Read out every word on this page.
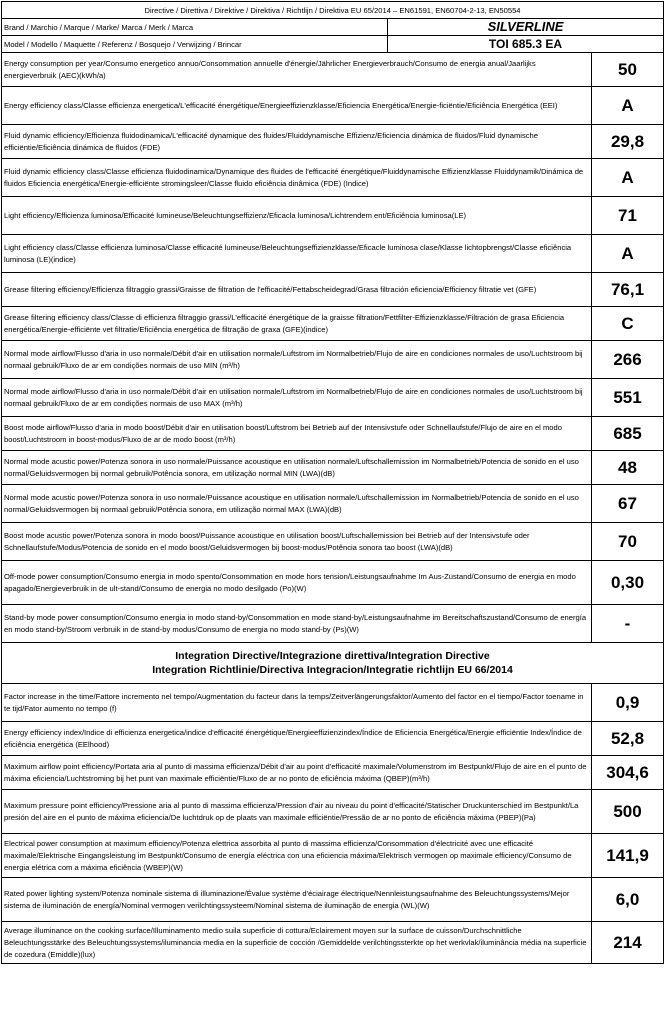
Directive / Direttiva / Direktive / Direktiva / Richtlijn / Direktiva EU 65/2014 – EN61591, EN60704-2-13, EN50554		
Brand / Marchio / Marque / Marke/ Marca / Merk / Marca	SILVERLINE	
Model / Modello / Maquette / Referenz / Bosquejo / Verwijzing / Brincar	TOI 685.3 EA	
Energy consumption per year/Consumo energetico annuo/Consommation annuelle d'énergie/Jährlicher Energieverbrauch/Consumo de energia anual/Jaarlijks energieverbruik (AEC)(kWh/a)		50
Energy efficiency class/Classe efficienza energetica/L'efficacité énergétique/Energieeffizienzklasse/Eficiencia Energética/Energie-ficiëntie/Eficiência Energética (EEI)		A
Fluid dynamic efficiency/Efficienza fluidodinamica/L'efficacité dynamique des fluides/Fluiddynamische Effizienz/Eficiencia dinámica de fluidos/Fluid dynamische efficiëntie/Eficiência dinámica de fluidos (FDE)		29,8
Fluid dynamic efficiency class/Classe efficienza fluidodinamica/Dynamique des fluides de l'efficacité énergétique/Fluiddynamische Effizienzklasse Fluiddynamik/Dinámica de fluidos Eficiencia energética/Energie-efficiënte stromingsleer/Classe fluido eficiência dinâmica (FDE) (Indice)		A
Light efficiency/Efficienza luminosa/Efficacité lumineuse/Beleuchtungseffizienz/Eficacla luminosa/Lichtrendem ent/Eficiência luminosa(LE)		71
Light efficiency class/Classe efficienza luminosa/Classe efficacité lumineuse/Beleuchtungseffizienzklasse/Eficacle luminosa clase/Klasse lichtopbrengst/Classe eficiência luminosa (LE)(indice)		A
Grease filtering efficiency/Efficienza filtraggio grassi/Graisse de filtration de l'efficacité/Fettabscheidegrad/Grasa filtración eficiencia/Efficiency filtratie vet (GFE)		76,1
Grease filtering efficiency class/Classe di efficienza filtraggio grassi/L'efficacité énergétique de la graisse filtration/Fettfilter-Effizienzklasse/Filtración de grasa Eficiencia energética/Energie-efficiënte vet filtratie/Eficiência energética de filtração de graxa (GFE)(indice)		C
Normal mode airflow/Flusso d'aria in uso normale/Débit d'air en utilisation normale/Luftstrom im Normalbetrieb/Flujo de aire en condiciones normales de uso/Luchtstroom bij normaal gebruik/Fluxo de ar em condições normais de uso MIN (m³/h)		266
Normal mode airflow/Flusso d'aria in uso normale/Débit d'air en utilisation normale/Luftstrom im Normalbetrieb/Flujo de aire en condiciones normales de uso/Luchtstroom bij normaal gebruik/Fluxo de ar em condições normais de uso MAX (m³/h)		551
Boost mode airflow/Flusso d'aria in modo boost/Débit d'air en utilisation boost/Luftstrom bei Betrieb auf der Intensivstufe oder Schnellaufstufe/Flujo de aire en el modo boost/Luchtstroom in boost-modus/Fluxo de ar de modo boost (m³/h)		685
Normal mode acustic power/Potenza sonora in uso normale/Puissance acoustique en utilisation normale/Luftschallemission im Normalbetrieb/Potencia de sonido en el uso normal/Geluidsvermogen bij normal gebruik/Potência sonora, em utilização normal MIN (LWA)(dB)		48
Normal mode acustic power/Potenza sonora in uso normale/Puissance acoustique en utilisation normale/Luftschallemission im Normalbetrieb/Potencia de sonido en el uso normal/Geluidsvermogen bij normaal gebruik/Potência sonora, em utilização normal MAX (LWA)(dB)		67
Boost mode acustic power/Potenza sonora in modo boost/Puissance acoustique en utilisation boost/Luftschallemission bei Betrieb auf der Intensivstufe oder Schnellaufstufe/Modus/Potencia de sonido en el modo boost/Geluidsvermogen bij boost-modus/Potência sonora tao boost (LWA)(dB)		70
Off-mode power consumption/Consumo energia in modo spento/Consommation en mode hors tension/Leistungsaufnahme Im Aus-Zustand/Consumo de energia en modo apagado/Energieverbruik in de ult-stand/Consumo de energia no modo desilgado (Po)(W)		0,30
Stand-by mode power consumption/Consumo energia in modo stand-by/Consommation en mode stand-by/Leistungsaufnahme im Bereitschaftszustand/Consumo de energía en modo stand-by/Stroom verbruik in de stand-by modus/Consumo de energia no modo stand-by (Ps)(W)		-

Integration Directive/Integrazione direttiva/Integration Directive
Integration Richtlinie/Directiva Integracion/Integratie richtlijn EU 66/2014		

Factor increase in the time/Fattore incremento nel tempo/Augmentation du facteur dans la temps/Zeitverlängerungsfaktor/Aumento del factor en el tiempo/Factor toename in te tijd/Fator aumento no tempo (f)		0,9
Energy efficiency index/Indice di efficienza energetica/indice d'efficacité énergétique/Energieeffizienzindex/Índice de Eficiencia Energética/Energie efficiëntie Index/Índice de eficiência energética (EElhood)		52,8
Maximum airflow point efficiency/Portata aria al punto di massima efficienza/Débit d'air au point d'efficacité maximale/Volumenstrom im Bestpunkt/Flujo de aire en el punto de máxima eficiencia/Luchtstroming bij het punt van maximale efficiëntie/Fluxo de ar no ponto de eficiência máxima (QBEP)(m³/h)		304,6
Maximum pressure point efficiency/Pressione aria al punto di massima efficienza/Pression d'air au niveau du point d'efficacité/Statischer Druckunterschied im Bestpunkt/La presión del aire en el punto de máxima eficiencia/De luchtdruk op de plaats van maximale efficiëntie/Pressão de ar no ponto de eficiência máxima (PBEP)(Pa)		500
Electrical power consumption at maximum efficiency/Potenza elettrica assorbita al punto di massima efficienza/Consommation d'électricité avec une efficacité maximale/Elektrische Eingangsleistung im Bestpunkt/Consumo de energía eléctrica con una eficiencia máxima/Elektrisch vermogen op maximale efficiency/Consumo de energia elétrica com a máxima eficiência (WBEP)(W)		141,9
Rated power lighting system/Potenza nominale sistema di illuminazione/Évalue système d'éciairage électrique/Nennleistungsaufnahme des Beleuchtungssystems/Mejor sistema de iluminación de energía/Nominal vermogen verilchtingssysteem/Nominal sistema de iluminação de energia (WL)(W)		6,0
Average illuminance on the cooking surface/Illuminamento medio suila superficie di cottura/Eclairement moyen sur la surface de cuisson/Durchschnittliche Beleuchtungsstärke des Beleuchtungssystems/iluminancia media en la superficie de cocción /Gemiddelde verilchtingssterkte op het werkvlak/iluminância média na superficie de cozedura (Emiddle)(lux)		214
